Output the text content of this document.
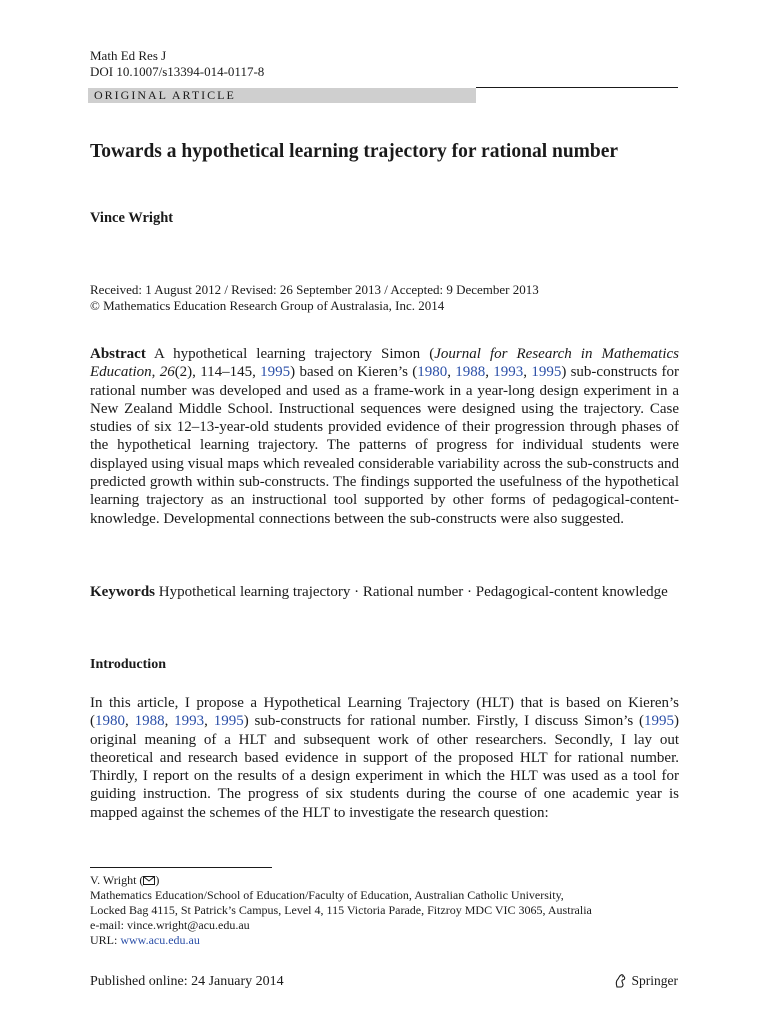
Math Ed Res J
DOI 10.1007/s13394-014-0117-8
ORIGINAL ARTICLE
Towards a hypothetical learning trajectory for rational number
Vince Wright
Received: 1 August 2012 / Revised: 26 September 2013 / Accepted: 9 December 2013
© Mathematics Education Research Group of Australasia, Inc. 2014
Abstract A hypothetical learning trajectory Simon (Journal for Research in Mathematics Education, 26(2), 114–145, 1995) based on Kieren’s (1980, 1988, 1993, 1995) sub-constructs for rational number was developed and used as a frame-work in a year-long design experiment in a New Zealand Middle School. Instructional sequences were designed using the trajectory. Case studies of six 12–13-year-old students provided evidence of their progression through phases of the hypothetical learning trajectory. The patterns of progress for individual students were displayed using visual maps which revealed considerable variability across the sub-constructs and predicted growth within sub-constructs. The findings supported the usefulness of the hypothetical learning trajectory as an instructional tool supported by other forms of pedagogical-content-knowledge. Developmental connections between the sub-constructs were also suggested.
Keywords Hypothetical learning trajectory · Rational number · Pedagogical-content knowledge
Introduction
In this article, I propose a Hypothetical Learning Trajectory (HLT) that is based on Kieren’s (1980, 1988, 1993, 1995) sub-constructs for rational number. Firstly, I discuss Simon’s (1995) original meaning of a HLT and subsequent work of other researchers. Secondly, I lay out theoretical and research based evidence in support of the proposed HLT for rational number. Thirdly, I report on the results of a design experiment in which the HLT was used as a tool for guiding instruction. The progress of six students during the course of one academic year is mapped against the schemes of the HLT to investigate the research question:
V. Wright ( )
Mathematics Education/School of Education/Faculty of Education, Australian Catholic University,
Locked Bag 4115, St Patrick’s Campus, Level 4, 115 Victoria Parade, Fitzroy MDC VIC 3065, Australia
e-mail: vince.wright@acu.edu.au
URL: www.acu.edu.au
Published online: 24 January 2014	Springer
